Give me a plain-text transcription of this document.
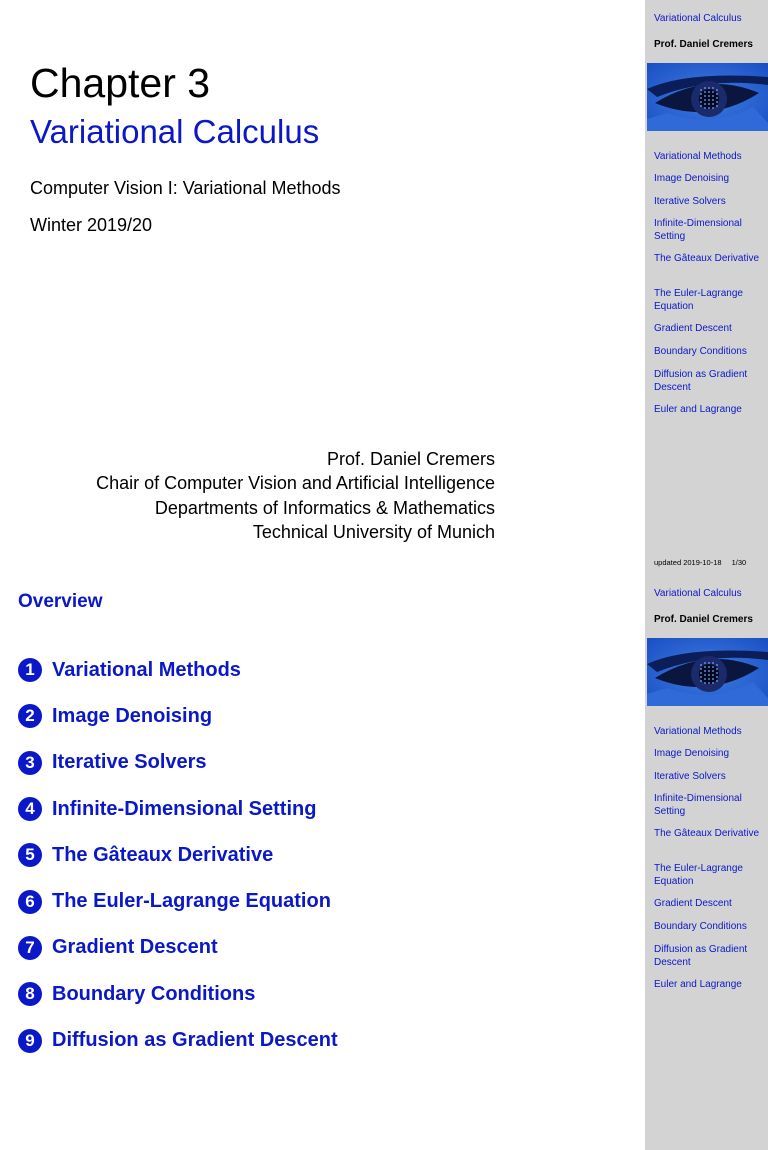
Chapter 3
Variational Calculus
Computer Vision I: Variational Methods
Winter 2019/20
Prof. Daniel Cremers
Chair of Computer Vision and Artificial Intelligence
Departments of Informatics & Mathematics
Technical University of Munich
Variational Calculus
Prof. Daniel Cremers
Variational Methods
Image Denoising
Iterative Solvers
Infinite-Dimensional Setting
The Gâteaux Derivative
The Euler-Lagrange Equation
Gradient Descent
Boundary Conditions
Diffusion as Gradient Descent
Euler and Lagrange
updated 2019-10-18 1/30
Overview
1 Variational Methods
2 Image Denoising
3 Iterative Solvers
4 Infinite-Dimensional Setting
5 The Gâteaux Derivative
6 The Euler-Lagrange Equation
7 Gradient Descent
8 Boundary Conditions
9 Diffusion as Gradient Descent
Variational Calculus
Prof. Daniel Cremers
Variational Methods
Image Denoising
Iterative Solvers
Infinite-Dimensional Setting
The Gâteaux Derivative
The Euler-Lagrange Equation
Gradient Descent
Boundary Conditions
Diffusion as Gradient Descent
Euler and Lagrange
